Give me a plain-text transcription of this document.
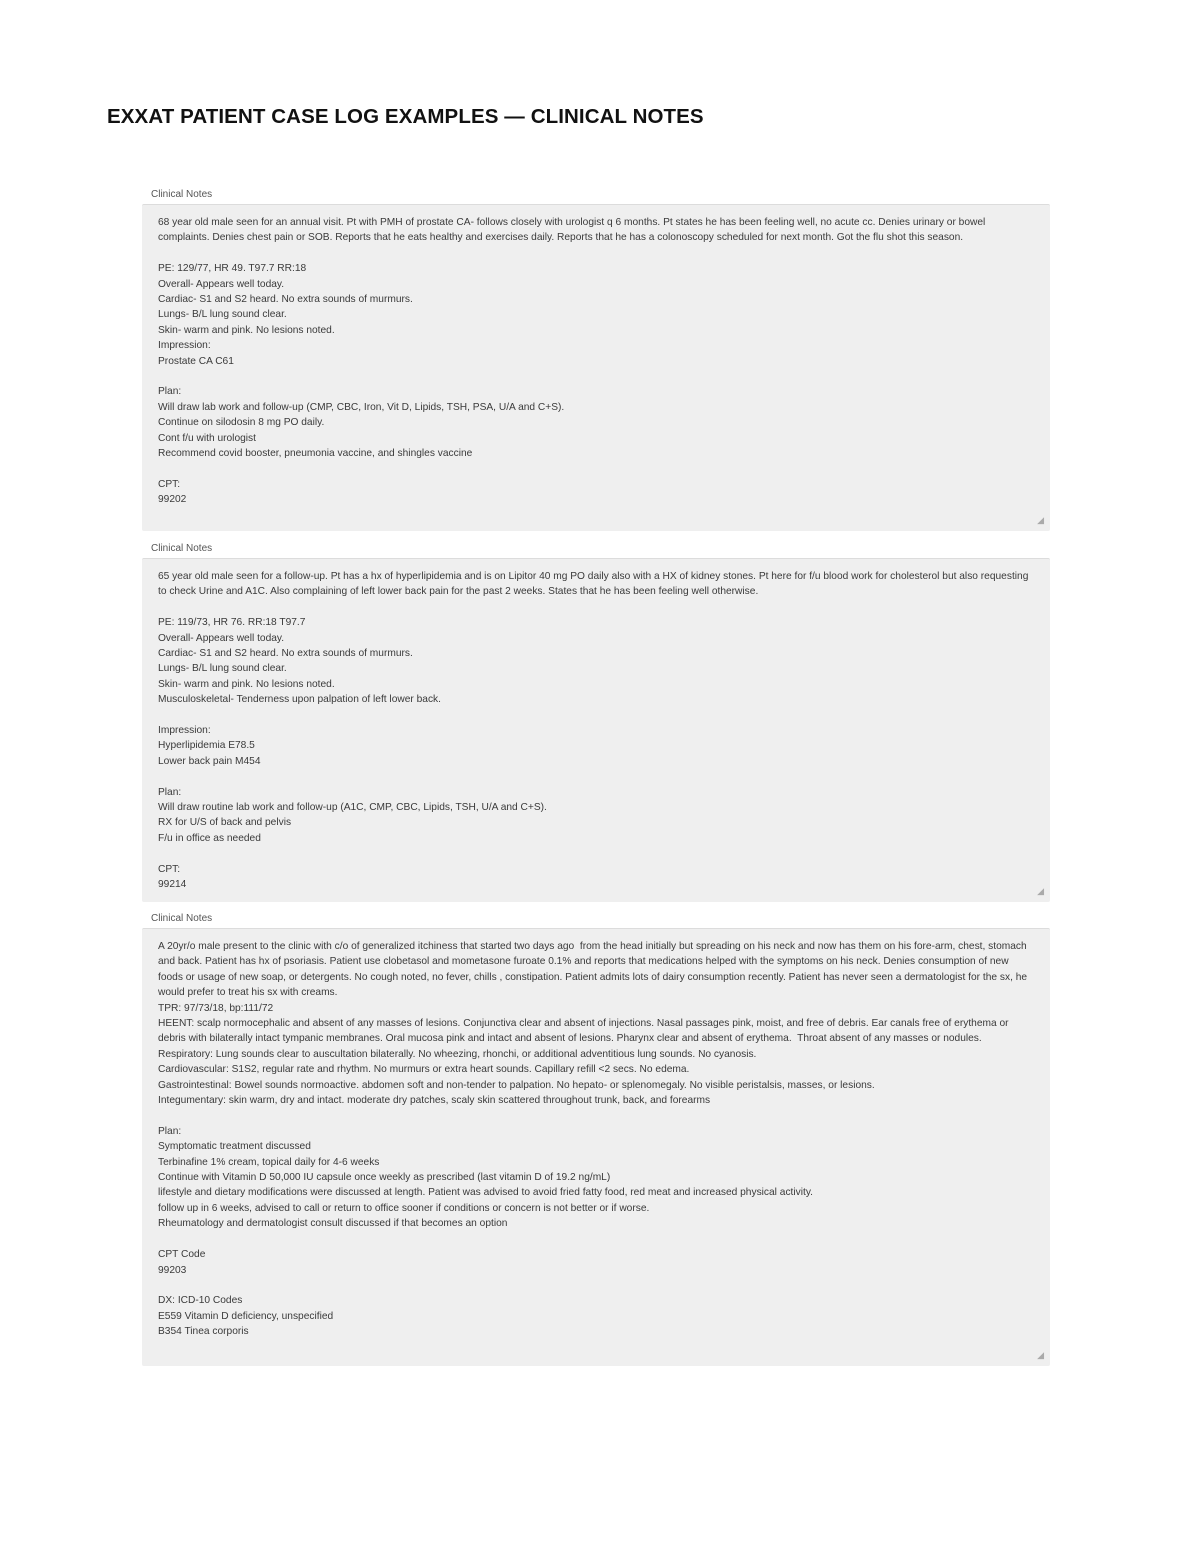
EXXAT PATIENT CASE LOG EXAMPLES — CLINICAL NOTES
Clinical Notes

68 year old male seen for an annual visit. Pt with PMH of prostate CA- follows closely with urologist q 6 months. Pt states he has been feeling well, no acute cc. Denies urinary or bowel complaints. Denies chest pain or SOB. Reports that he eats healthy and exercises daily. Reports that he has a colonoscopy scheduled for next month. Got the flu shot this season.

PE: 129/77, HR 49. T97.7 RR:18

Overall- Appears well today.

Cardiac- S1 and S2 heard. No extra sounds of murmurs.

Lungs- B/L lung sound clear.

Skin- warm and pink. No lesions noted.

Impression:

Prostate CA C61

Plan:

Will draw lab work and follow-up (CMP, CBC, Iron, Vit D, Lipids, TSH, PSA, U/A and C+S).

Continue on silodosin 8 mg PO daily.

Cont f/u with urologist

Recommend covid booster, pneumonia vaccine, and shingles vaccine

CPT:

99202

◢
Clinical Notes

65 year old male seen for a follow-up. Pt has a hx of hyperlipidemia and is on Lipitor 40 mg PO daily also with a HX of kidney stones. Pt here for f/u blood work for cholesterol but also requesting to check Urine and A1C. Also complaining of left lower back pain for the past 2 weeks. States that he has been feeling well otherwise.

PE: 119/73, HR 76. RR:18 T97.7

Overall- Appears well today.

Cardiac- S1 and S2 heard. No extra sounds of murmurs.

Lungs- B/L lung sound clear.

Skin- warm and pink. No lesions noted.

Musculoskeletal- Tenderness upon palpation of left lower back.

Impression:

Hyperlipidemia E78.5

Lower back pain M454

Plan:

Will draw routine lab work and follow-up (A1C, CMP, CBC, Lipids, TSH, U/A and C+S).

RX for U/S of back and pelvis

F/u in office as needed

CPT:

99214

◢
Clinical Notes

A 20yr/o male present to the clinic with c/o of generalized itchiness that started two days ago  from the head initially but spreading on his neck and now has them on his fore-arm, chest, stomach and back. Patient has hx of psoriasis. Patient use clobetasol and mometasone furoate 0.1% and reports that medications helped with the symptoms on his neck. Denies consumption of new foods or usage of new soap, or detergents. No cough noted, no fever, chills , constipation. Patient admits lots of dairy consumption recently. Patient has never seen a dermatologist for the sx, he would prefer to treat his sx with creams.

TPR: 97/73/18, bp:111/72

HEENT: scalp normocephalic and absent of any masses of lesions. Conjunctiva clear and absent of injections. Nasal passages pink, moist, and free of debris. Ear canals free of erythema or debris with bilaterally intact tympanic membranes. Oral mucosa pink and intact and absent of lesions. Pharynx clear and absent of erythema.  Throat absent of any masses or nodules.

Respiratory: Lung sounds clear to auscultation bilaterally. No wheezing, rhonchi, or additional adventitious lung sounds. No cyanosis.

Cardiovascular: S1S2, regular rate and rhythm. No murmurs or extra heart sounds. Capillary refill <2 secs. No edema.

Gastrointestinal: Bowel sounds normoactive. abdomen soft and non-tender to palpation. No hepato- or splenomegaly. No visible peristalsis, masses, or lesions.

Integumentary: skin warm, dry and intact. moderate dry patches, scaly skin scattered throughout trunk, back, and forearms

Plan:

Symptomatic treatment discussed

Terbinafine 1% cream, topical daily for 4-6 weeks

Continue with Vitamin D 50,000 IU capsule once weekly as prescribed (last vitamin D of 19.2 ng/mL)

lifestyle and dietary modifications were discussed at length. Patient was advised to avoid fried fatty food, red meat and increased physical activity.

follow up in 6 weeks, advised to call or return to office sooner if conditions or concern is not better or if worse.

Rheumatology and dermatologist consult discussed if that becomes an option

CPT Code

99203

DX: ICD-10 Codes

E559 Vitamin D deficiency, unspecified

B354 Tinea corporis

◢
